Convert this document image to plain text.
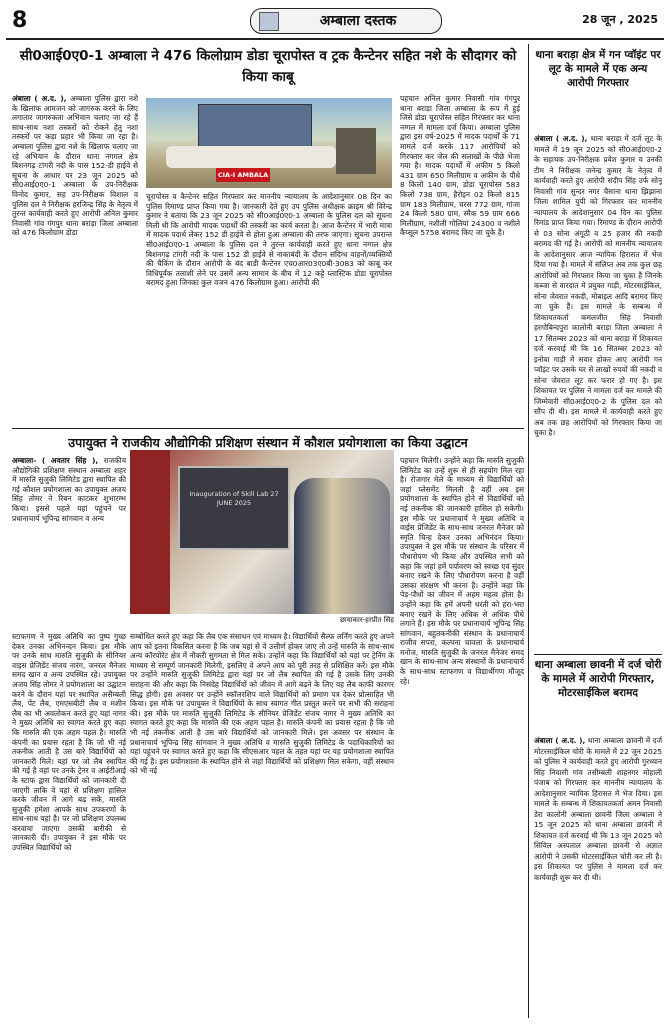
8	अम्बाला दस्तक	28 जून , 2025
सी0आई0ए0-1 अम्बाला ने 476 किलोग्राम डोडा चूरापोस्त व ट्रक कैन्टेनर सहित नशे के सौदागर को किया काबू
अंबाला ( अ.द. ), अम्बाला पुलिस द्वारा नशे के खिलाफ आमजन को जागरुक करने के लिए लगातार जागरुकता अभियान चलाए जा रहे हैं साथ-साथ नशा तस्करों को रोकने हेतु नशा तस्करों पर कड़ा प्रहार भी किया जा रहा है। अम्बाला पुलिस द्वारा नशे के खिलाफ चलाए जा रहे अभियान के दौरान थाना नगगल क्षेत्र बिशनगढ़ टांगरी नदी के पास 152-डी हाईवे से सूचना के आधार पर 23 जून 2025 को सी0आई0ए0-1 अम्बाला के उप-निरीक्षक विनोद कुमार, सह उप-निरीक्षक विशाल व पुलिस दल ने निरीक्षक हरजिन्द्र सिंह के नेतृत्व में तुरन्त कार्यवाही करते हुए आरोपी अनिल कुमार निवासी गांव गंगपुर थाना बराड़ा जिला अम्बाला को 476 किलोग्राम डोडा
CIA-I AMBALA
चूरापोस्त व कैन्टेनर सहित गिरफ्तार कर माननीय न्यायालय के आदेशानुसार 08 दिन का पुलिस रिमाण्ड प्राप्त किया गया है। जानकारी देते हुए उप पुलिस अधीक्षक क्राइम श्री विरेन्द्र कुमार ने बताया कि 23 जून 2025 को सी0आई0ए0-1 अम्बाला के पुलिस दल को सूचना मिली थी कि आरोपी मादक पदार्थों की तस्करी का कार्य करता है। आज कैन्टेनर में भारी मात्रा में मादक पदार्थ लेकर 152 डी हाईवे से होता हुआ अम्बाला की तरफ जाएगा। सूचना उपरान्त सी0आई0ए0-1 अम्बाला के पुलिस दल ने तुरन्त कार्यवाही करते हुए थाना नग्गल क्षेत्र बिशनगढ़ टांगरी नदी के पास 152 डी हाईवे से नाकाबंदी के दौरान संदिग्ध वाहनों/व्यक्तियों की चैकिंग के दौरान आरोपी के बंद बाडी कैन्टेनर एच0आर03ए0बी-3083 को काबू कर विधिपूर्वक तलाशी लेने पर उसमें अन्य सामान के बीच में 12 कट्टे प्लास्टिक डोडा चूरापोस्त बरामद हुआ जिनका कुल वजन 476 किलोग्राम हुआ। आरोपी की
पहचान अनिल कुमार निवासी गांव गंगपुर थाना बराड़ा जिला अम्बाला के रूप में हुई जिसे डोडा चूरापोस्त सहित गिरफ्तार कर थाना नग्गल में मामला दर्ज किया। अम्बाला पुलिस द्वारा इस वर्ष-2025 में मादक पदार्थों के 71 मामले दर्ज करके 117 आरोपियों को गिरफ्तार कर जेल की सलाखों के पीछे भेजा गया है। मादक पदार्थों में अफीम 5 किलो 431 ग्राम 650 मिलीग्राम व अफीम के पौधे 8 किलो 140 ग्राम, डोडा चूरापोस्त 583 किलो 738 ग्राम, हैरोइन 02 किलो 815 ग्राम 183 मिलीग्राम, चरस 772 ग्राम, गांजा 24 किलो 580 ग्राम, स्मैक 59 ग्राम 666 मिलीग्राम, नशीली गोलियां 24300 व नशीले कैप्सूल 5758 बरामद किए जा चुके है।
थाना बराड़ा क्षेत्र में गन प्वॉइंट पर लूट के मामले में एक अन्य आरोपी गिरफ्तार
अंबाला ( अ.द. ), थाना बराड़ा में दर्ज लूट के मामले में 19 जून 2025 को सी0आई0ए0-2 के सहायक उप-निरीक्षक प्रवेश कुमार व उनकी टीम ने निरीक्षक जनेन्द्र कुमार के नेतृत्व में कार्यवाही करते हुए आरोपी संदीप सिंह उर्फ सोनू निवासी गांव सुन्दर नगर चैसाना थाना झिझाना जिला शामिल युपी को गिरफ्तार कर माननीय न्यायालय के आदेशानुसार 04 दिन का पुलिस रिमांड प्राप्त किया गया। रिमाण्ड के दौरान आरोपी से 03 सोना अंगूठी व 25 हजार की नकदी बरामद की गई है। आरोपी को माननीय न्यायालय के आदेशानुसार आज न्यायिक हिरासत में भेज दिया गया है। मामले में संलिप्त अब तक कुल छह आरोपियों को गिरफ्तार किया जा चुका है जिनके कब्जा से वारदात में प्रयुक्त गाड़ी, मोटरसाईकिल, सोना जेवरात नकदी, मोबाइल आदि बरामद किए जा चुके हैं। इस मामले के सम्बन्ध में शिकायतकर्ता कमलजीत सिंह निवासी हरगोबिन्दपुरा कालोनी बराड़ा जिला अम्बाला ने 17 सितम्बर 2023 को थाना बराड़ा में शिकायत दर्ज करवाई थी कि 16 सितम्बर 2023 को इनोवा गाड़ी में सवार होकर आए आरोपी गन प्वॉइंट पर उसके घर से लाखों रुपयों की नकदी व सोना जेवरात लूट कर फरार हो गए है। इस शिकायत पर पुलिस ने मामला दर्ज कर मामले की जिम्मेवारी सी0आई0ए0-2 के पुलिस दल को सौंप दी थी। इस मामले में कार्यवाही करते हुए अब तक छह आरोपियों को गिरफ्तार किया जा चुका है।
थाना अम्बाला छावनी में दर्ज चोरी के मामले में आरोपी गिरफ्तार, मोटरसाईकिल बरामद
अंबाला ( अ.द. ), थाना अम्बाला छावनी में दर्ज मोटरसाईकिल चोरी के मामले में 22 जून 2025 को पुलिस ने कार्यवाही करते हुए आरोपी गुरध्यान सिंह निवासी गांव तसीम्बली शाहनगर मोहाली पंजाब को गिरफ्तार कर माननीय न्यायालय के आदेशानुसार न्यायिक हिरासत में भेज दिया। इस मामले के सम्बन्ध में शिकायतकर्ता अमन निवासी डेरा कालोनी अम्बाला छावनी जिला अम्बाला ने 15 जून 2025 को थाना अम्बाला छावनी में शिकायत दर्ज करवाई थी कि 13 जून 2025 को सिविल अस्पताल अम्बाला छावनी से अज्ञात आरोपी ने उसकी मोटरसाईकिल चोरी कर ली है। इस शिकायत पर पुलिस ने मामला दर्ज कर कार्यवाही शुरू कर दी थी।
उपायुक्त ने राजकीय औद्योगिकी प्रशिक्षण संस्थान में कौशल प्रयोगशाला का किया उद्घाटन
अम्बाला- ( अवतार सिंह ), राजकीय औद्योगिकी प्रशिक्षण संस्थान अम्बाला शहर में मारुति सुजुकी लिमिटेड द्वारा स्थापित की गई कौशल प्रयोगशाला का उपायुक्त अजय सिंह तोमर ने रिबन काटकर शुभारम्भ किया। इससे पहले यहां पहुंचने पर प्रधानाचार्य भूपिन्द्र सांगवान व अन्य
Inauguration of Skill Lab 27 JUNE 2025
छायाकार-हरप्रीत सिंह
स्टाफगण ने मुख्य अतिथि का पुष्प गुच्छ देकर उनका अभिनन्दन किया। इस मौके पर उनके साथ मारुति सुजुकी के सीनियर वाइस प्रेजिडेंट संजय नारंग, जनरल मैनेजर समद खान व अन्य उपस्थित रहे। उपायुक्त अजय सिंह तोमर ने प्रयोगशाला का उद्घाटन करने के दौरान यहां पर स्थापित असैम्बली लैब, पेंट लैब, एमएसबीटी लैब व मशीन लैब का भी अवलोकन करते हुए यहां नागर ने मुख्य अतिथि का स्वागत करते हुए कहा कि मारुति की एक अहम पहल है। मारुति कंपनी का प्रयास रहता है कि जो भी नई तकनीक आती है उस बारे विद्यार्थियों को जानकारी मिले। यहां पर जो लैब स्थापित की गई है वहां पर उनके ट्रेनर व आईटीआई के स्टाफ द्वारा विद्यार्थियों को जानकारी दी जाएगी ताकि वे यहां से प्रशिक्षण हासिल करके जीवन में आगे बढ़ सकें, मारुति सुजुकी हमेशा आपके साथ उपकरणों के साथ-साथ यहां है। पर जो प्रशिक्षण उपलब्ध करवाया जाएगा उसकी बारीकी से जानकारी दी। उपायुक्त ने इस मौके पर उपस्थित विद्यार्थियों को
सम्बोधित करते हुए कहा कि लैब एक संसाधन एवं माध्यम है। विद्यार्थियों सैल्फ लर्निंग करते हुए अपने आप को इतना विकसित करना है कि जब यहां से वे उत्तीर्ण होकर जाए तो उन्हें मारुति के साथ-साथ अन्य कॉरपोरेट क्षेत्र में नौकरी सुगमता से मिल सके। उन्होंने कहा कि विद्यार्थियों को यहां पर ट्रेनिंग के माध्यम से सम्पूर्ण जानकारी मिलेगी, इसलिए वे अपने आप को पूरी तरह से प्रशिक्षित करें। इस मौके पर उन्होंने मारुति सुजुकी लिमिटेड द्वारा यहां पर जो लैब स्थापित की गई है उसके लिए उनकी सराहना की और कहा कि निसंदेह विद्यार्थियों को जीवन में आगे बढ़ने के लिए यह लैब काफी कारगर सिद्ध होगी। इस अवसर पर उन्होंने स्कॉलरशिप वाले विद्यार्थियों को प्रमाण पत्र देकर प्रोत्साहित भी किया। इस मौके पर उपायुक्त ने विद्यार्थियों के साथ स्वागत गीत प्रस्तुत करने पर सभी की सराहना की। इस मौके पर मारुति सुजुकी लिमिटेड के सीनियर प्रेजिडेंट संजय नागर ने मुख्य अतिथि का स्वागत करते हुए कहा कि मारुति की एक अहम पहल है। मारुति कंपनी का प्रयास रहता है कि जो भी नई तकनीक आती है उस बारे विद्यार्थियों को जानकारी मिले। इस अवसर पर संस्थान के प्रधानाचार्य भूपिन्द्र सिंह सांगवान ने मुख्य अतिथि व मारुति सुजुकी लिमिटेड के पदाधिकारियों का यहां पहुंचने पर स्वागत करते हुए कहा कि सीएसआर पहल के तहत यहां पर यह प्रयोगशाला स्थापित की गई है। इस प्रयोगशाला के स्थापित होने से जहां विद्यार्थियों को प्रशिक्षण मिल सकेगा, वहीं संस्थान को भी नई
पहचान मिलेगी। उन्होंने कहा कि मारुति सुजुकी लिमिटेड का उन्हें शुरू से ही सहयोग मिल रहा है। रोजगार मेले के माध्यम से विद्यार्थियों को जहां प्लेसमेंट मिलती है वहीं अब इस प्रयोगशाला के स्थापित होने से विद्यार्थियों को नई तकनीक की जानकारी हासिल हो सकेगी। इस मौके पर प्रधानाचार्य ने मुख्य अतिथि व वाईस प्रेजिडेंट के साथ-साथ जनरल मैनेजर को स्मृति चिन्ह देकर उनका अभिनंदन किया। उपायुक्त ने इस मौके पर संस्थान के परिसर में पौधारोपण भी किया और उपस्थित सभी को कहा कि जहां हमें पर्यावरण को स्वच्छ एवं सुंदर बनाए रखने के लिए पौधारोपण करना है वहीं उसका संरक्षण भी करना है। उन्होंने कहा कि पेड़-पौधों का जीवन में अहम महत्व होता है। उन्होंने कहा कि हमें अपनी धरती को हरा-भरा बनाए रखने के लिए अधिक से अधिक पौधे लगाने हैं। इस मौके पर प्रधानाचार्य भूपिन्द्र सिंह सांगवान, बहुतकनीकी संस्थान के प्रधानाचार्य राजीव सपरा, कल्पना चावला के प्रधानाचार्य मनोज, मारुति सुजुकी के जनरल मैनेजर समद खान के साथ-साथ अन्य संस्थानों के प्रधानाचार्य के साथ-साथ स्टाफगण व विद्यार्थीगण मौजूद रहे।
